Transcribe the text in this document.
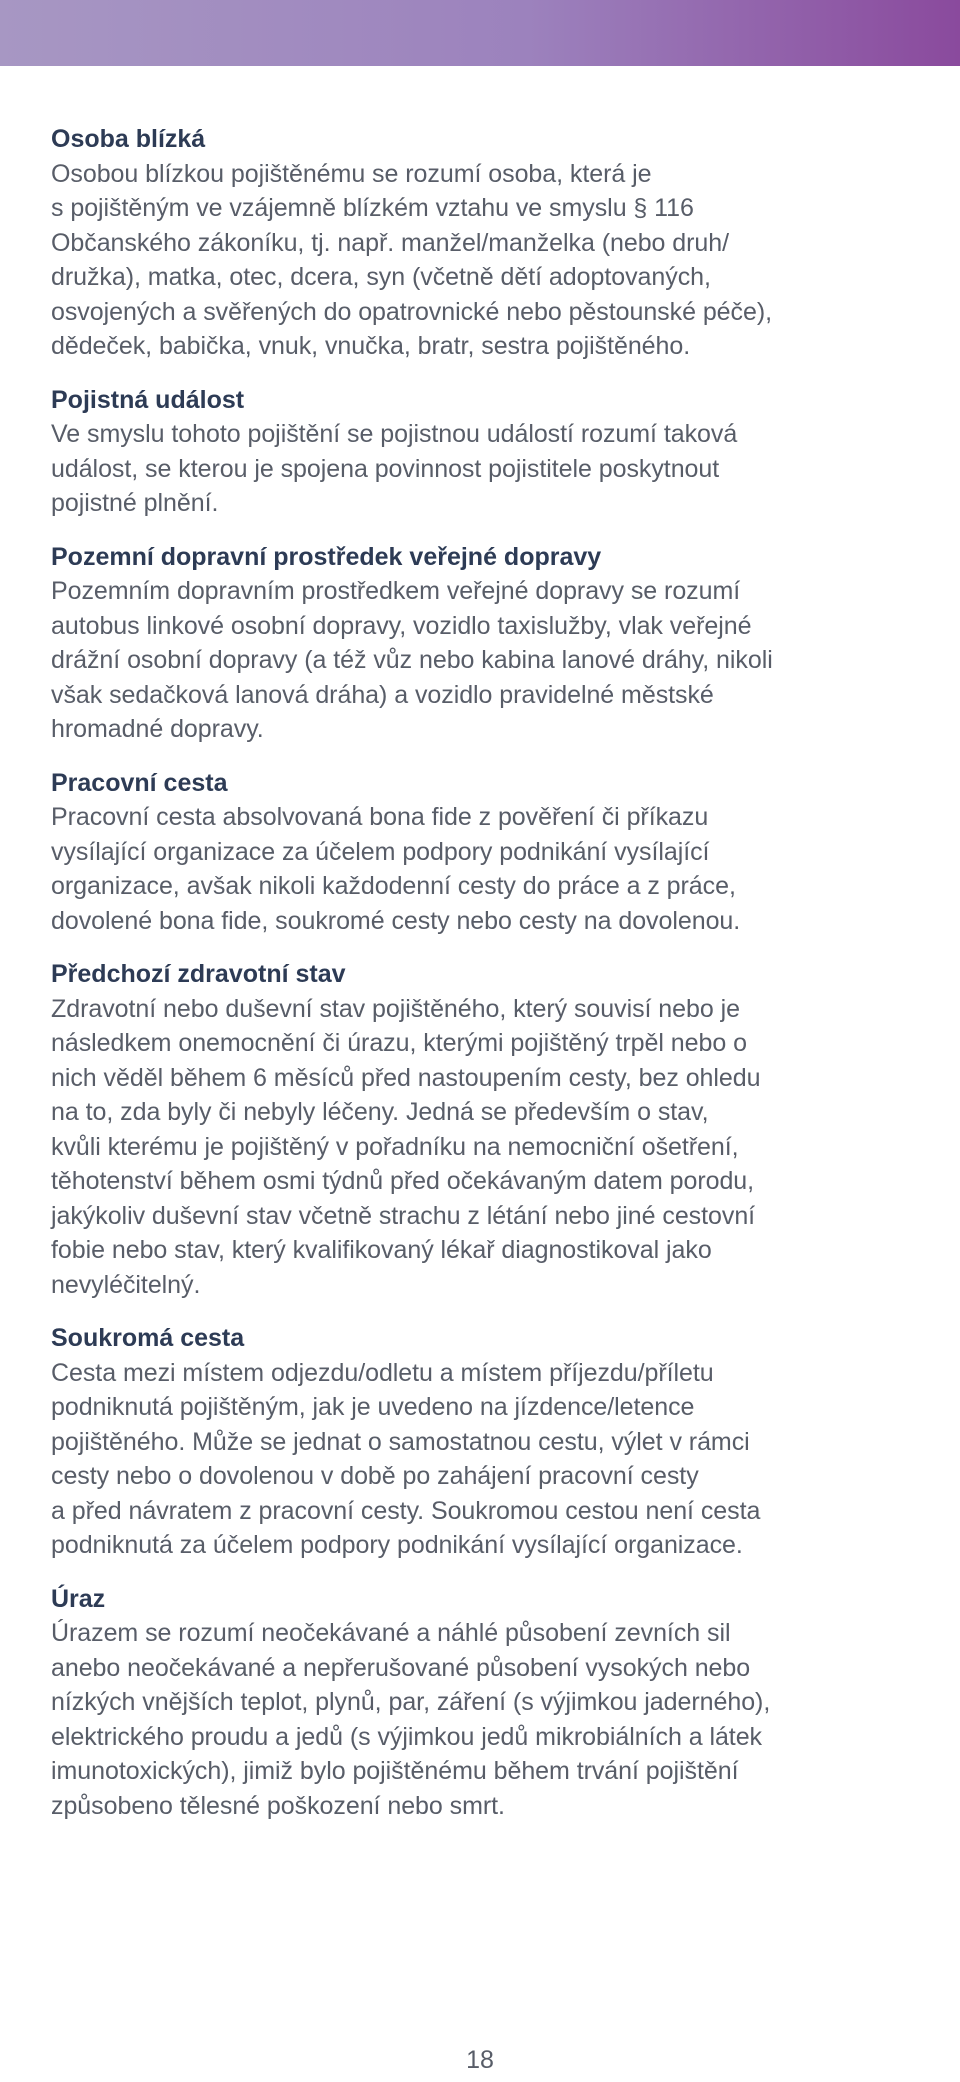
Osoba blízká
Osobou blízkou pojištěnému se rozumí osoba, která je
s pojištěným ve vzájemně blízkém vztahu ve smyslu § 116
Občanského zákoníku, tj. např. manžel/manželka (nebo druh/
družka), matka, otec, dcera, syn (včetně dětí adoptovaných,
osvojených a svěřených do opatrovnické nebo pěstounské péče),
dědeček, babička, vnuk, vnučka, bratr, sestra pojištěného.
Pojistná událost
Ve smyslu tohoto pojištění se pojistnou událostí rozumí taková
událost, se kterou je spojena povinnost pojistitele poskytnout
pojistné plnění.
Pozemní dopravní prostředek veřejné dopravy
Pozemním dopravním prostředkem veřejné dopravy se rozumí
autobus linkové osobní dopravy, vozidlo taxislužby, vlak veřejné
drážní osobní dopravy (a též vůz nebo kabina lanové dráhy, nikoli
však sedačková lanová dráha) a vozidlo pravidelné městské
hromadné dopravy.
Pracovní cesta
Pracovní cesta absolvovaná bona fide z pověření či příkazu
vysílající organizace za účelem podpory podnikání vysílající
organizace, avšak nikoli každodenní cesty do práce a z práce,
dovolené bona fide, soukromé cesty nebo cesty na dovolenou.
Předchozí zdravotní stav
Zdravotní nebo duševní stav pojištěného, který souvisí nebo je
následkem onemocnění či úrazu, kterými pojištěný trpěl nebo o
nich věděl během 6 měsíců před nastoupením cesty, bez ohledu
na to, zda byly či nebyly léčeny. Jedná se především o stav,
kvůli kterému je pojištěný v pořadníku na nemocniční ošetření,
těhotenství během osmi týdnů před očekávaným datem porodu,
jakýkoliv duševní stav včetně strachu z létání nebo jiné cestovní
fobie nebo stav, který kvalifikovaný lékař diagnostikoval jako
nevyléčitelný.
Soukromá cesta
Cesta mezi místem odjezdu/odletu a místem příjezdu/příletu
podniknutá pojištěným, jak je uvedeno na jízdence/letence
pojištěného. Může se jednat o samostatnou cestu, výlet v rámci
cesty nebo o dovolenou v době po zahájení pracovní cesty
a před návratem z pracovní cesty. Soukromou cestou není cesta
podniknutá za účelem podpory podnikání vysílající organizace.
Úraz
Úrazem se rozumí neočekávané a náhlé působení zevních sil
anebo neočekávané a nepřerušované působení vysokých nebo
nízkých vnějších teplot, plynů, par, záření (s výjimkou jaderného),
elektrického proudu a jedů (s výjimkou jedů mikrobiálních a látek
imunotoxických), jimiž bylo pojištěnému během trvání pojištění
způsobeno tělesné poškození nebo smrt.
18
